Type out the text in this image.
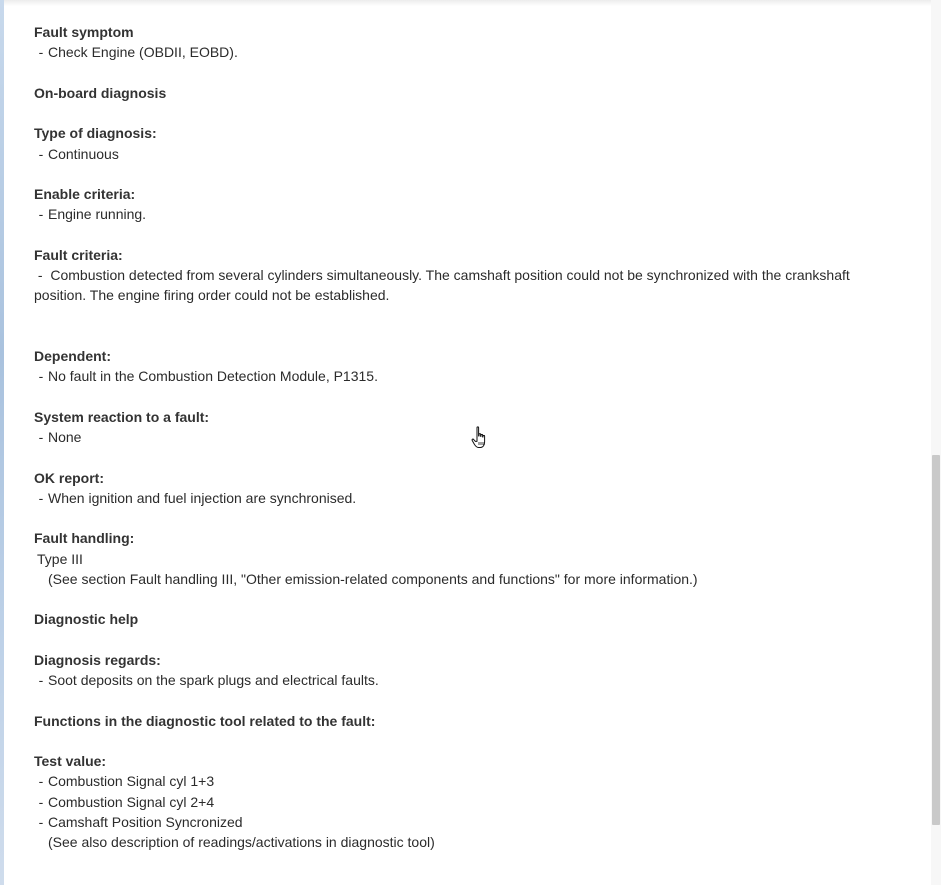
Fault symptom
- Check Engine (OBDII, EOBD).
On-board diagnosis
Type of diagnosis:
- Continuous
Enable criteria:
- Engine running.
Fault criteria:
- Combustion detected from several cylinders simultaneously. The camshaft position could not be synchronized with the crankshaft position. The engine firing order could not be established.
Dependent:
- No fault in the Combustion Detection Module, P1315.
System reaction to a fault:
- None
OK report:
- When ignition and fuel injection are synchronised.
Fault handling:
Type III
(See section Fault handling III, "Other emission-related components and functions" for more information.)
Diagnostic help
Diagnosis regards:
- Soot deposits on the spark plugs and electrical faults.
Functions in the diagnostic tool related to the fault:
Test value:
- Combustion Signal cyl 1+3
- Combustion Signal cyl 2+4
- Camshaft Position Syncronized
(See also description of readings/activations in diagnostic tool)
